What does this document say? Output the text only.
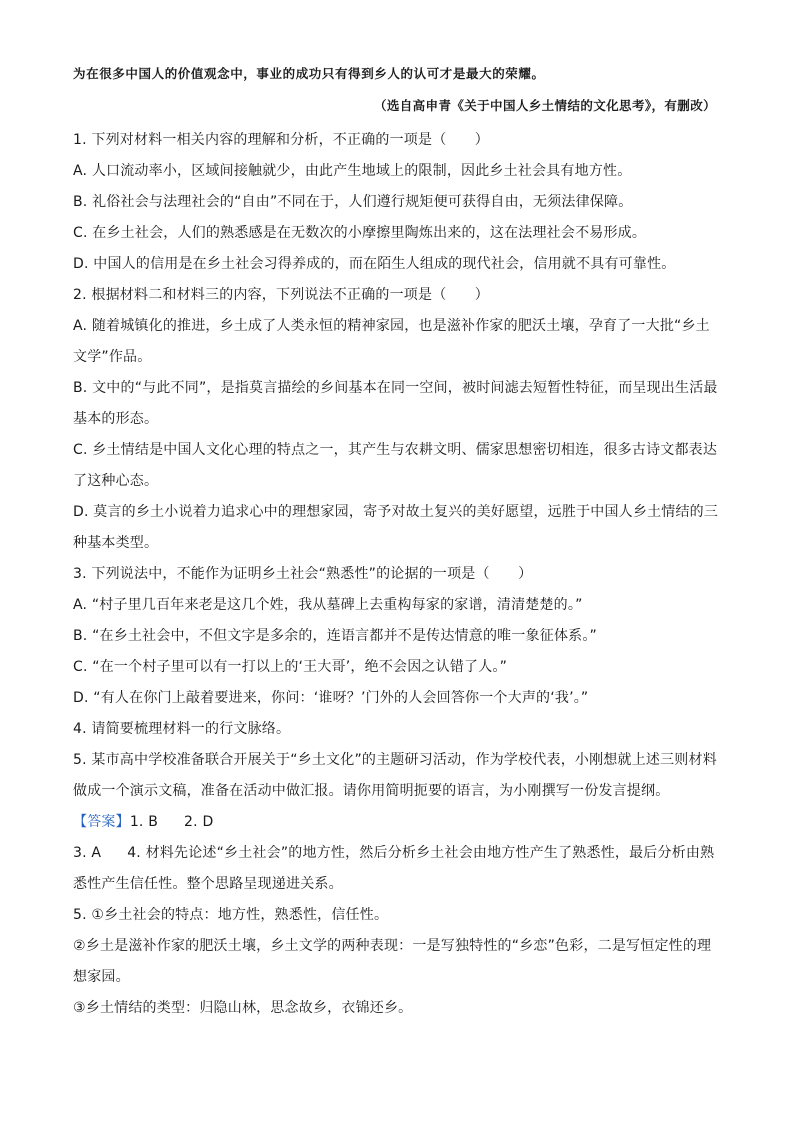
为在很多中国人的价值观念中，事业的成功只有得到乡人的认可才是最大的荣耀。
（选自高申青《关于中国人乡土情结的文化思考》，有删改）
1. 下列对材料一相关内容的理解和分析，不正确的一项是（　　）
A. 人口流动率小，区域间接触就少，由此产生地域上的限制，因此乡土社会具有地方性。
B. 礼俗社会与法理社会的“自由”不同在于，人们遵行规矩便可获得自由，无须法律保障。
C. 在乡土社会，人们的熟悉感是在无数次的小摩擦里陶炼出来的，这在法理社会不易形成。
D. 中国人的信用是在乡土社会习得养成的，而在陌生人组成的现代社会，信用就不具有可靠性。
2. 根据材料二和材料三的内容，下列说法不正确的一项是（　　）
A. 随着城镇化的推进，乡土成了人类永恒的精神家园，也是滋补作家的肥沃土壤，孕育了一大批“乡土
文学”作品。
B. 文中的“与此不同”，是指莫言描绘的乡间基本在同一空间，被时间滤去短暂性特征，而呈现出生活最
基本的形态。
C. 乡土情结是中国人文化心理的特点之一，其产生与农耕文明、儒家思想密切相连，很多古诗文都表达
了这种心态。
D. 莫言的乡土小说着力追求心中的理想家园，寄予对故土复兴的美好愿望，远胜于中国人乡土情结的三
种基本类型。
3. 下列说法中，不能作为证明乡土社会“熟悉性”的论据的一项是（　　）
A. “村子里几百年来老是这几个姓，我从墓碑上去重构每家的家谱，清清楚楚的。”
B. “在乡土社会中，不但文字是多余的，连语言都并不是传达情意的唯一象征体系。”
C. “在一个村子里可以有一打以上的‘王大哥’，绝不会因之认错了人。”
D. “有人在你门上敲着要进来，你问：‘谁呀？’门外的人会回答你一个大声的‘我’。”
4. 请简要梳理材料一的行文脉络。
5. 某市高中学校准备联合开展关于“乡土文化”的主题研习活动，作为学校代表，小刚想就上述三则材料
做成一个演示文稿，准备在活动中做汇报。请你用简明扼要的语言，为小刚撰写一份发言提纲。
【答案】1. B 2. D
3. A 4. 材料先论述“乡土社会”的地方性，然后分析乡土社会由地方性产生了熟悉性，最后分析由熟
悉性产生信任性。整个思路呈现递进关系。
5. ①乡土社会的特点：地方性，熟悉性，信任性。
②乡土是滋补作家的肥沃土壤，乡土文学的两种表现：一是写独特性的“乡恋”色彩，二是写恒定性的理
想家园。
③乡土情结的类型：归隐山林，思念故乡，衣锦还乡。
